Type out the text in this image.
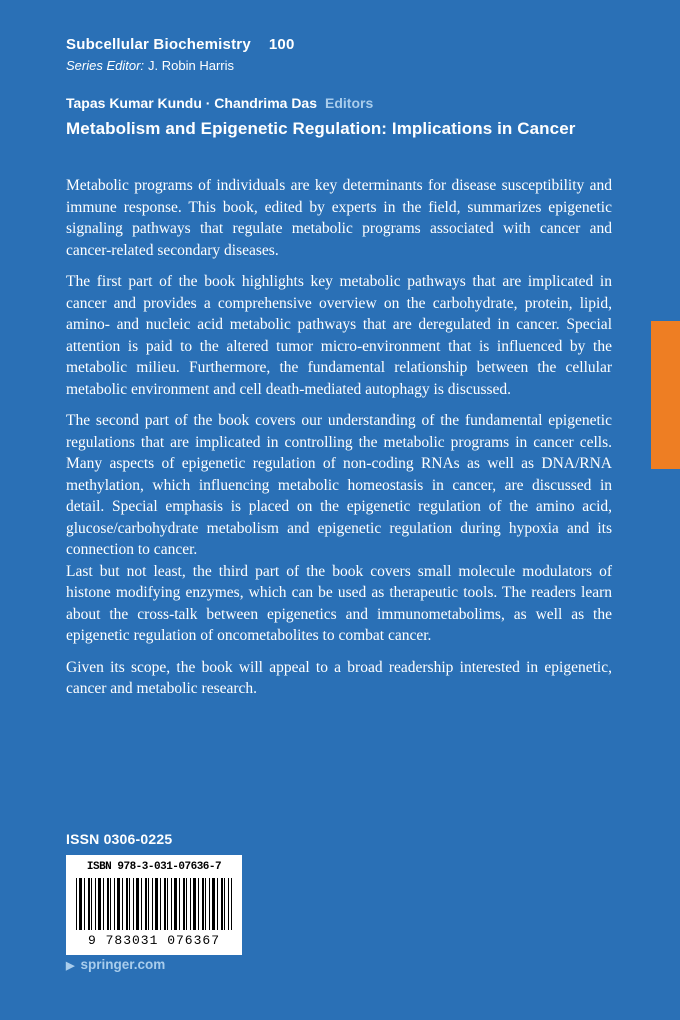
Subcellular Biochemistry 100
Series Editor: J. Robin Harris
Tapas Kumar Kundu · Chandrima Das Editors
Metabolism and Epigenetic Regulation: Implications in Cancer

Metabolic programs of individuals are key determinants for disease susceptibility and immune response. This book, edited by experts in the field, summarizes epigenetic signaling pathways that regulate metabolic programs associated with cancer and cancer-related secondary diseases.

The first part of the book highlights key metabolic pathways that are implicated in cancer and provides a comprehensive overview on the carbohydrate, protein, lipid, amino- and nucleic acid metabolic pathways that are deregulated in cancer. Special attention is paid to the altered tumor micro-environment that is influenced by the metabolic milieu. Furthermore, the fundamental relationship between the cellular metabolic environment and cell death-mediated autophagy is discussed.

The second part of the book covers our understanding of the fundamental epigenetic regulations that are implicated in controlling the metabolic programs in cancer cells. Many aspects of epigenetic regulation of non-coding RNAs as well as DNA/RNA methylation, which influencing metabolic homeostasis in cancer, are discussed in detail. Special emphasis is placed on the epigenetic regulation of the amino acid, glucose/carbohydrate metabolism and epigenetic regulation during hypoxia and its connection to cancer.

Last but not least, the third part of the book covers small molecule modulators of histone modifying enzymes, which can be used as therapeutic tools. The readers learn about the cross-talk between epigenetics and immunometabolims, as well as the epigenetic regulation of oncometabolites to combat cancer.

Given its scope, the book will appeal to a broad readership interested in epigenetic, cancer and metabolic research.

ISSN 0306-0225
ISBN 978-3-031-07636-7
9 783031 076367
▶ springer.com
